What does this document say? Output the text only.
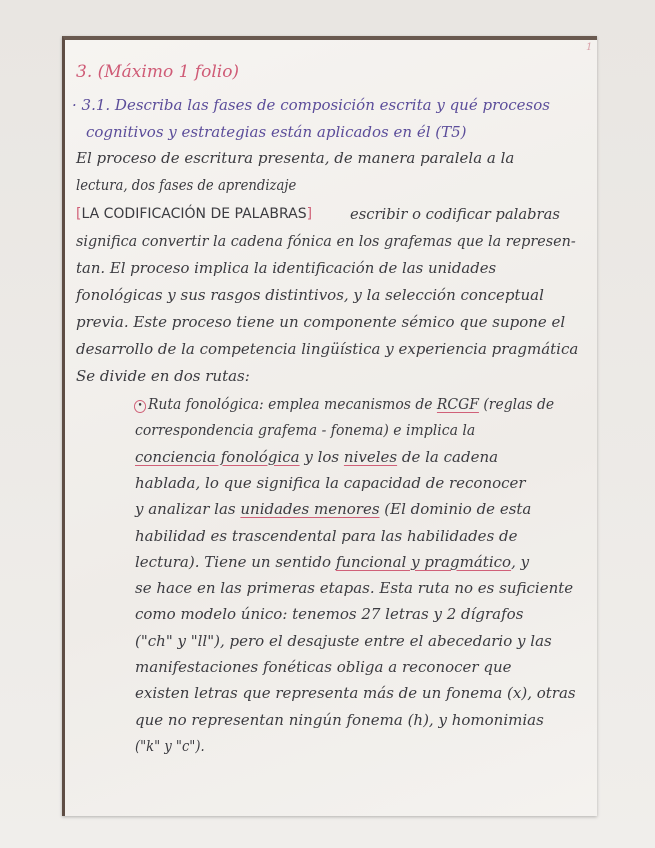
1
3. (Máximo 1 folio)
· 3.1. Describa las fases de composición escrita y qué procesos
cognitivos y estrategias están aplicados en él (T5)
El proceso de escritura presenta, de manera paralela a la
lectura, dos fases de aprendizaje
[LA CODIFICACIÓN DE PALABRAS]	escribir o codificar palabras
significa convertir la cadena fónica en los grafemas que la represen-
tan. El proceso implica la identificación de las unidades
fonológicas y sus rasgos distintivos, y la selección conceptual
previa. Este proceso tiene un componente sémico que supone el
desarrollo de la competencia lingüística y experiencia pragmática
Se divide en dos rutas:
• Ruta fonológica: emplea mecanismos de RCGF (reglas de
correspondencia grafema - fonema) e implica la
conciencia fonológica y los niveles de la cadena
hablada, lo que significa la capacidad de reconocer
y analizar las unidades menores (El dominio de esta
habilidad es trascendental para las habilidades de
lectura). Tiene un sentido funcional y pragmático, y
se hace en las primeras etapas. Esta ruta no es suficiente
como modelo único: tenemos 27 letras y 2 dígrafos
("ch" y "ll"), pero el desajuste entre el abecedario y las
manifestaciones fonéticas obliga a reconocer que
existen letras que representa más de un fonema (x), otras
que no representan ningún fonema (h), y homonimias
("k" y "c").
